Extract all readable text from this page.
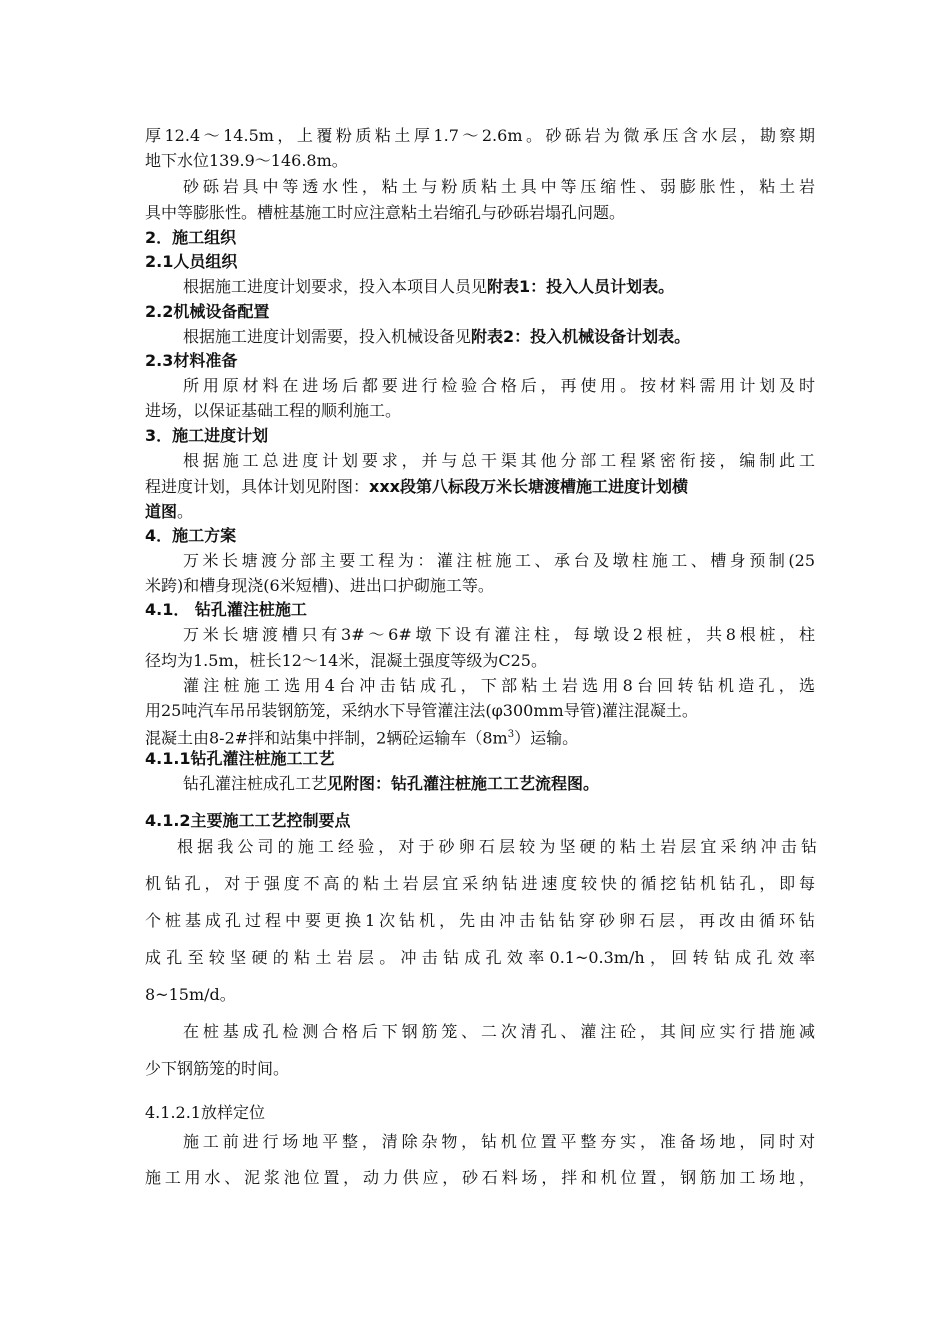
厚12.4～14.5m，上覆粉质粘土厚1.7～2.6m。砂砾岩为微承压含水层，勘察期
地下水位139.9～146.8m。
砂砾岩具中等透水性，粘土与粉质粘土具中等压缩性、弱膨胀性，粘土岩
具中等膨胀性。槽桩基施工时应注意粘土岩缩孔与砂砾岩塌孔问题。
2．施工组织
2.1人员组织
根据施工进度计划要求，投入本项目人员见附表1：投入人员计划表。
2.2机械设备配置
根据施工进度计划需要，投入机械设备见附表2：投入机械设备计划表。
2.3材料准备
所用原材料在进场后都要进行检验合格后，再使用。按材料需用计划及时
进场，以保证基础工程的顺利施工。
3．施工进度计划
根据施工总进度计划要求，并与总干渠其他分部工程紧密衔接，编制此工
程进度计划，具体计划见附图：xxx段第八标段万米长塘渡槽施工进度计划横
道图。
4．施工方案
万米长塘渡分部主要工程为：灌注桩施工、承台及墩柱施工、槽身预制(25
米跨)和槽身现浇(6米短槽)、进出口护砌施工等。
4.1． 钻孔灌注桩施工
万米长塘渡槽只有3#～6#墩下设有灌注柱，每墩设2根桩，共8根桩，柱
径均为1.5m，桩长12～14米，混凝土强度等级为C25。
灌注桩施工选用4台冲击钻成孔，下部粘土岩选用8台回转钻机造孔，选
用25吨汽车吊吊装钢筋笼，采纳水下导管灌注法(φ300mm导管)灌注混凝土。
混凝土由8-2#拌和站集中拌制，2辆砼运输车$(8m^3)$运输。
4.1.1钻孔灌注桩施工工艺
钻孔灌注桩成孔工艺见附图：钻孔灌注桩施工工艺流程图。
4.1.2主要施工工艺控制要点
根据我公司的施工经验，对于砂卵石层较为坚硬的粘土岩层宜采纳冲击钻
机钻孔，对于强度不高的粘土岩层宜采纳钻进速度较快的循挖钻机钻孔，即每
个桩基成孔过程中要更换1次钻机，先由冲击钻钻穿砂卵石层，再改由循环钻
成孔至较坚硬的粘土岩层。冲击钻成孔效率0.1~0.3m/h，回转钻成孔效率
8~15m/d。
在桩基成孔检测合格后下钢筋笼、二次清孔、灌注砼，其间应实行措施减
少下钢筋笼的时间。
4.1.2.1放样定位
施工前进行场地平整，清除杂物，钻机位置平整夯实，准备场地，同时对
施工用水、泥浆池位置，动力供应，砂石料场，拌和机位置，钢筋加工场地，
